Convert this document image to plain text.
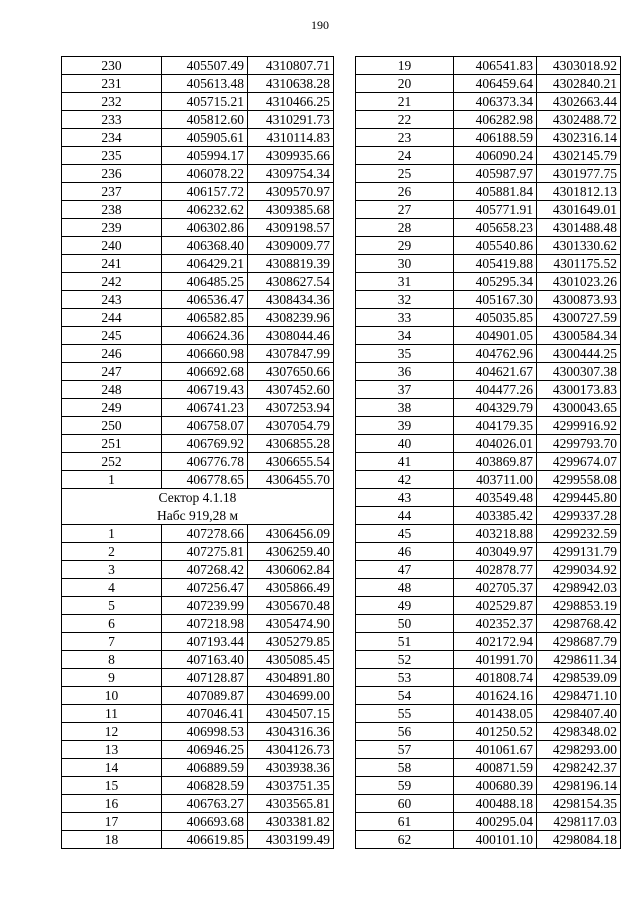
190
230	405507.49	4310807.71
231	405613.48	4310638.28
232	405715.21	4310466.25
233	405812.60	4310291.73
234	405905.61	4310114.83
235	405994.17	4309935.66
236	406078.22	4309754.34
237	406157.72	4309570.97
238	406232.62	4309385.68
239	406302.86	4309198.57
240	406368.40	4309009.77
241	406429.21	4308819.39
242	406485.25	4308627.54
243	406536.47	4308434.36
244	406582.85	4308239.96
245	406624.36	4308044.46
246	406660.98	4307847.99
247	406692.68	4307650.66
248	406719.43	4307452.60
249	406741.23	4307253.94
250	406758.07	4307054.79
251	406769.92	4306855.28
252	406776.78	4306655.54
1	406778.65	4306455.70
Сектор 4.1.18		
Набс 919,28 м		
1	407278.66	4306456.09
2	407275.81	4306259.40
3	407268.42	4306062.84
4	407256.47	4305866.49
5	407239.99	4305670.48
6	407218.98	4305474.90
7	407193.44	4305279.85
8	407163.40	4305085.45
9	407128.87	4304891.80
10	407089.87	4304699.00
11	407046.41	4304507.15
12	406998.53	4304316.36
13	406946.25	4304126.73
14	406889.59	4303938.36
15	406828.59	4303751.35
16	406763.27	4303565.81
17	406693.68	4303381.82
18	406619.85	4303199.49
19	406541.83	4303018.92
20	406459.64	4302840.21
21	406373.34	4302663.44
22	406282.98	4302488.72
23	406188.59	4302316.14
24	406090.24	4302145.79
25	405987.97	4301977.75
26	405881.84	4301812.13
27	405771.91	4301649.01
28	405658.23	4301488.48
29	405540.86	4301330.62
30	405419.88	4301175.52
31	405295.34	4301023.26
32	405167.30	4300873.93
33	405035.85	4300727.59
34	404901.05	4300584.34
35	404762.96	4300444.25
36	404621.67	4300307.38
37	404477.26	4300173.83
38	404329.79	4300043.65
39	404179.35	4299916.92
40	404026.01	4299793.70
41	403869.87	4299674.07
42	403711.00	4299558.08
43	403549.48	4299445.80
44	403385.42	4299337.28
45	403218.88	4299232.59
46	403049.97	4299131.79
47	402878.77	4299034.92
48	402705.37	4298942.03
49	402529.87	4298853.19
50	402352.37	4298768.42
51	402172.94	4298687.79
52	401991.70	4298611.34
53	401808.74	4298539.09
54	401624.16	4298471.10
55	401438.05	4298407.40
56	401250.52	4298348.02
57	401061.67	4298293.00
58	400871.59	4298242.37
59	400680.39	4298196.14
60	400488.18	4298154.35
61	400295.04	4298117.03
62	400101.10	4298084.18
